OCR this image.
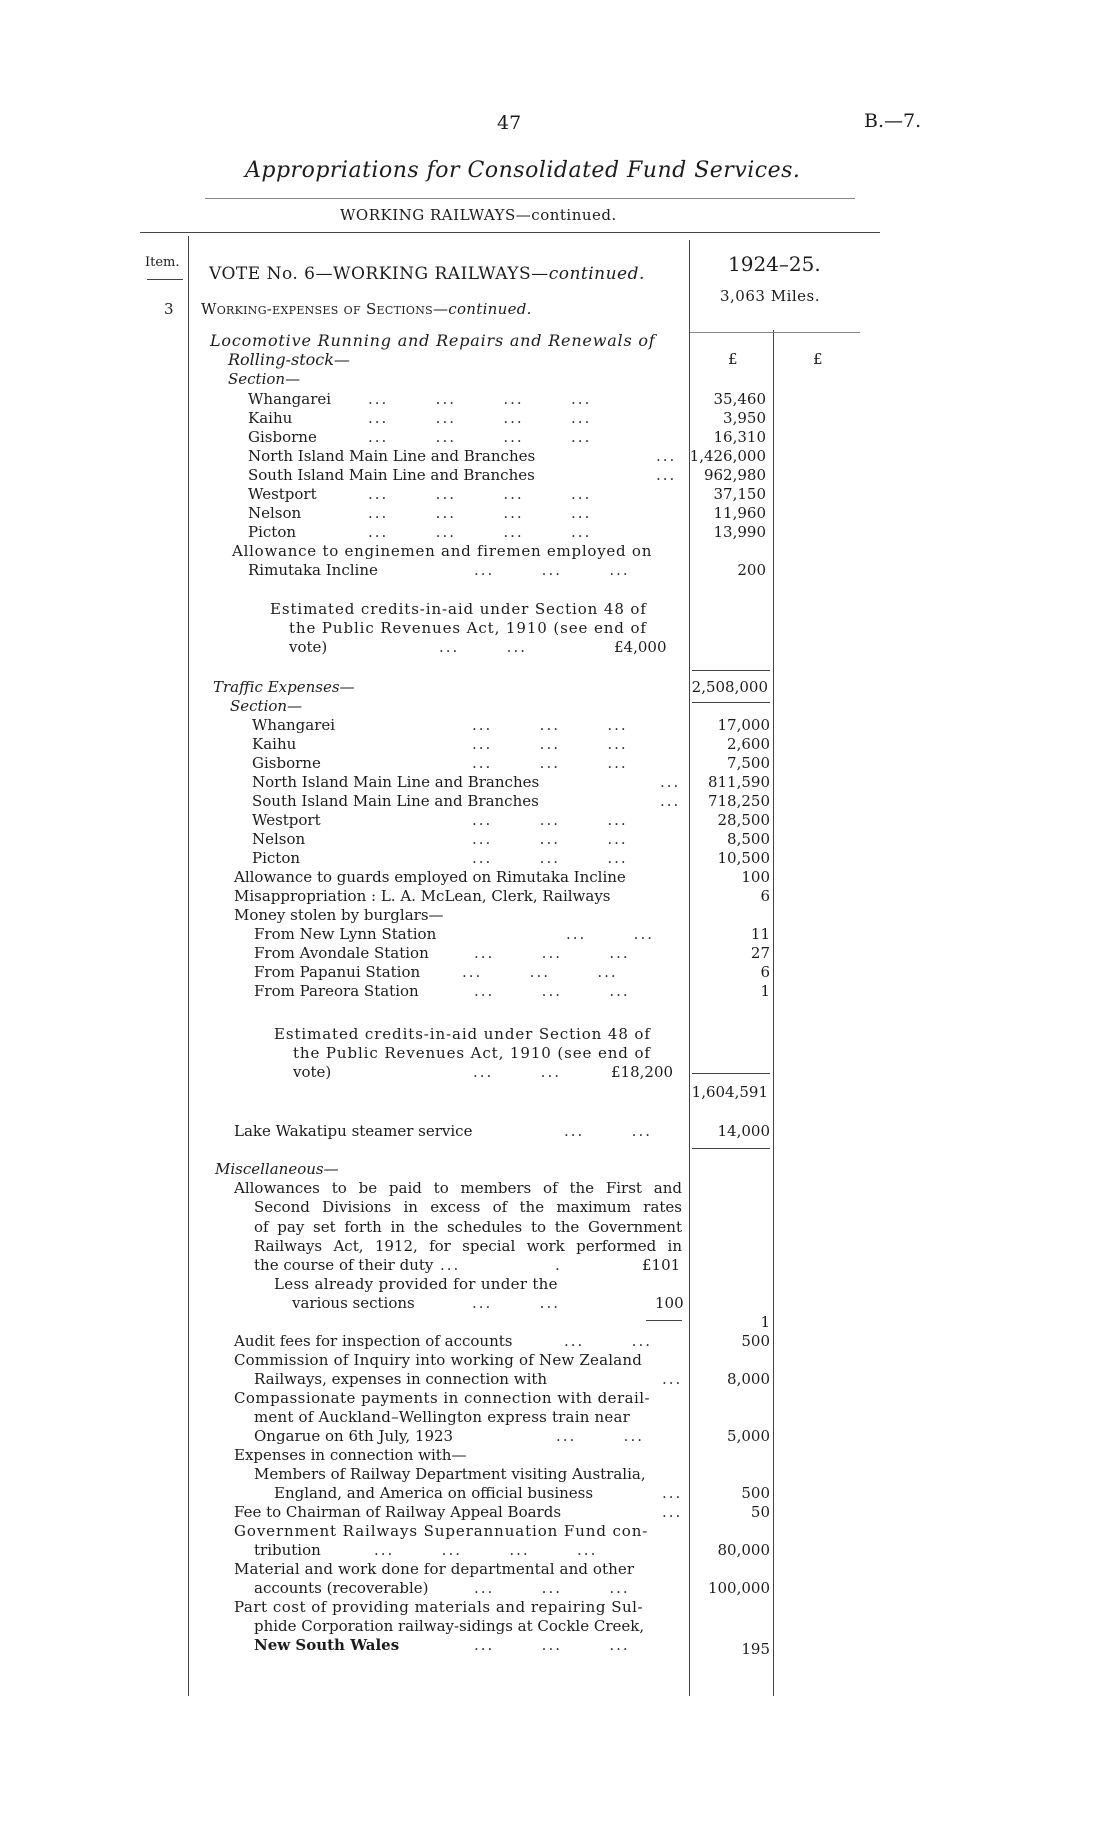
47	B.—7.
Appropriations for Consolidated Fund Services.
WORKING RAILWAYS—continued.
Item.
3
VOTE No. 6—WORKING RAILWAYS—continued.	1924–25.
3,063 Miles.
Working-expenses of Sections—continued.
£	£
Locomotive Running and Repairs and Renewals of
Rolling-stock—
Section—
Whangarei ...       ...       ...       ...	35,460
Kaihu	...       ...       ...       ...	3,950
Gisborne	...       ...       ...       ...	16,310
North Island Main Line and Branches	... 1,426,000
South Island Main Line and Branches	...	962,980
Westport	...       ...       ...       ...	37,150
Nelson	...       ...       ...       ...	11,960
Picton	...       ...       ...       ...	13,990
Allowance to enginemen and firemen employed on
Rimutaka Incline	...       ...       ...	200
Estimated credits-in-aid under Section 48 of
the Public Revenues Act, 1910 (see end of
vote)	...       ...	£4,000
2,508,000
Traffic Expenses—
Section—
Whangarei	...       ...       ...	17,000
Kaihu	...       ...       ...	2,600
Gisborne	...       ...       ...	7,500
North Island Main Line and Branches	...	811,590
South Island Main Line and Branches	...	718,250
Westport	...       ...       ...	28,500
Nelson	...       ...       ...	8,500
Picton	...       ...       ...	10,500
Allowance to guards employed on Rimutaka Incline	100
Misappropriation : L. A. McLean, Clerk, Railways	6
Money stolen by burglars—
From New Lynn Station	...       ...	11
From Avondale Station	...       ...       ...	27
From Papanui Station	...       ...       ...	6
From Pareora Station	...       ...       ...	1
Estimated credits-in-aid under Section 48 of
the Public Revenues Act, 1910 (see end of
vote)	...       ...	£18,200
1,604,591
Lake Wakatipu steamer service	...       ...	14,000
Miscellaneous—
Allowances to be paid to members of the First and
Second Divisions in excess of the maximum rates
of pay set forth in the schedules to the Government
Railways Act, 1912, for special work performed in
the course of their duty ...              .	£101
Less already provided for under the
various sections	...       ...	100
1
Audit fees for inspection of accounts	...       ...	500
Commission of Inquiry into working of New Zealand
Railways, expenses in connection with	...	8,000
Compassionate payments in connection with derail-
ment of Auckland–Wellington express train near
Ongarue on 6th July, 1923	...       ...	5,000
Expenses in connection with—
Members of Railway Department visiting Australia,
England, and America on official business	...	500
Fee to Chairman of Railway Appeal Boards	...	50
Government Railways Superannuation Fund con-
tribution	...       ...       ...       ...	80,000
Material and work done for departmental and other
accounts (recoverable)	...       ...       ...	100,000
Part cost of providing materials and repairing Sul-
phide Corporation railway-sidings at Cockle Creek,
New South Wales	...       ...       ...	195
